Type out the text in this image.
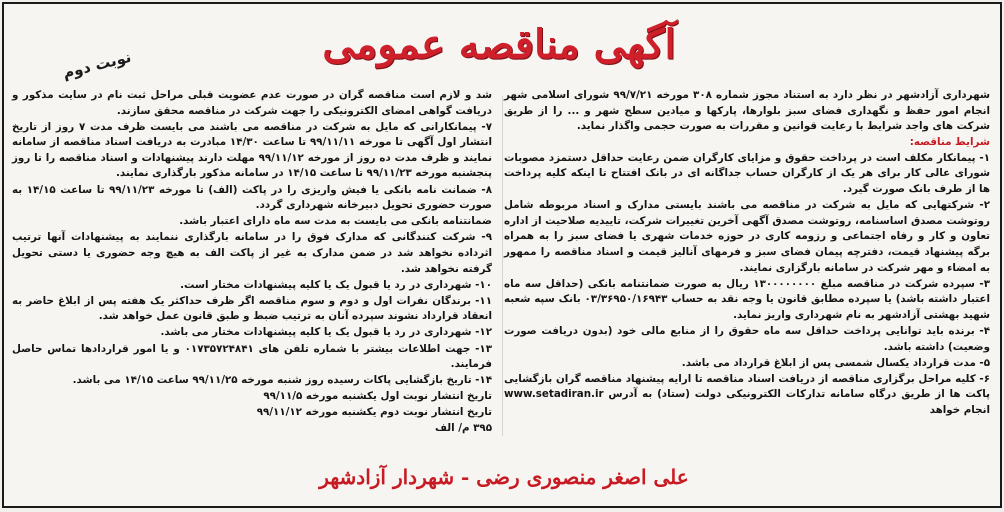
آگهی مناقصه عمومی
نوبت دوم

شهرداری آزادشهر در نظر دارد به استناد مجوز شماره ۳۰۸ مورخه ۹۹/۷/۲۱ شورای اسلامی شهر انجام امور حفظ و نگهداری فضای سبز بلوارها، پارکها و میادین سطح شهر و ... را از طریق شرکت های واجد شرایط با رعایت قوانین و مقررات به صورت حجمی واگذار نماید.

شرایط مناقصه:

۱- پیمانکار مکلف است در پرداخت حقوق و مزایای کارگران ضمن رعایت حداقل دستمزد مصوبات شورای عالی کار برای هر یک از کارگران حساب جداگانه ای در بانک افتتاح تا اینکه کلیه پرداخت ها از طرف بانک صورت گیرد.

۲- شرکتهایی که مایل به شرکت در مناقصه می باشند بایستی مدارک و اسناد مربوطه شامل روتوشت مصدق اساسنامه، روتوشت مصدق آگهی آخرین تغییرات شرکت، تاییدیه صلاحیت از اداره تعاون و کار و رفاه اجتماعی و رزومه کاری در حوزه خدمات شهری یا فضای سبز را به همراه برگه پیشنهاد قیمت، دفترچه پیمان فضای سبز و فرمهای آنالیز قیمت و اسناد مناقصه را ممهور به امضاء و مهر شرکت در سامانه بارگزاری نمایند.

۳- سپرده شرکت در مناقصه مبلغ ۱۳۰۰۰۰۰۰۰۰ ریال به صورت ضمانتنامه بانکی (حداقل سه ماه اعتبار داشته باشد) یا سپرده مطابق قانون یا وجه نقد به حساب ۰۳/۳۶۹۵۰/۱۶۹۴۳ بانک سپه شعبه شهید بهشتی آزادشهر به نام شهرداری واریز نماید.

۴- برنده باید توانایی پرداخت حداقل سه ماه حقوق را از منابع مالی خود (بدون دریافت صورت وضعیت) داشته باشد.

۵- مدت قرارداد یکسال شمسی پس از ابلاغ قرارداد می باشد.

۶- کلیه مراحل برگزاری مناقصه از دریافت اسناد مناقصه تا ارایه پیشنهاد مناقصه گران بازگشایی پاکت ها از طریق درگاه سامانه تدارکات الکترونیکی دولت (ستاد) به آدرس www.setadiran.ir انجام خواهد

شد و لازم است مناقصه گران در صورت عدم عضویت قبلی مراحل ثبت نام در سایت مذکور و دریافت گواهی امضای الکترونیکی را جهت شرکت در مناقصه محقق سازند.

۷- پیمانکارانی که مایل به شرکت در مناقصه می باشند می بایست ظرف مدت ۷ روز از تاریخ انتشار اول آگهی تا مورخه ۹۹/۱۱/۱۱ تا ساعت ۱۴/۳۰ مبادرت به دریافت اسناد مناقصه از سامانه نمایند و ظرف مدت ده روز از مورخه ۹۹/۱۱/۱۲ مهلت دارند پیشنهادات و اسناد مناقصه را تا روز پنجشنبه مورخه ۹۹/۱۱/۲۳ تا ساعت ۱۴/۱۵ در سامانه مذکور بارگذاری نمایند.

۸- ضمانت نامه بانکی یا فیش واریزی را در پاکت (الف) تا مورخه ۹۹/۱۱/۲۳ تا ساعت ۱۴/۱۵ به صورت حضوری تحویل دبیرخانه شهرداری گردد.

ضمانتنامه بانکی می بایست به مدت سه ماه دارای اعتبار باشد.

۹- شرکت کنندگانی که مدارک فوق را در سامانه بارگذاری ننمایند به پیشنهادات آنها ترتیب اثرداده نخواهد شد در ضمن مدارک به غیر از پاکت الف به هیچ وجه حضوری یا دستی تحویل گرفته نخواهد شد.

۱۰- شهرداری در رد یا قبول یک یا کلیه پیشنهادات مختار است.

۱۱- برندگان نفرات اول و دوم و سوم مناقصه اگر ظرف حداکثر یک هفته پس از ابلاغ حاضر به انعقاد قرارداد نشوند سپرده آنان به ترتیب ضبط و طبق قانون عمل خواهد شد.

۱۲- شهرداری در رد یا قبول یک یا کلیه پیشنهادات مختار می باشد.

۱۳- جهت اطلاعات بیشتر با شماره تلفن های ۰۱۷۳۵۷۲۴۸۴۱ و یا امور قراردادها تماس حاصل فرمایند.

۱۴- تاریخ بازگشایی پاکات رسیده روز شنبه مورخه ۹۹/۱۱/۲۵ ساعت ۱۴/۱۵ می باشد.

تاریخ انتشار نوبت اول یکشنبه مورخه ۹۹/۱۱/۵

تاریخ انتشار نوبت دوم یکشنبه مورخه ۹۹/۱۱/۱۲

۳۹۵ م/ الف

علی اصغر منصوری رضی - شهردار آزادشهر
